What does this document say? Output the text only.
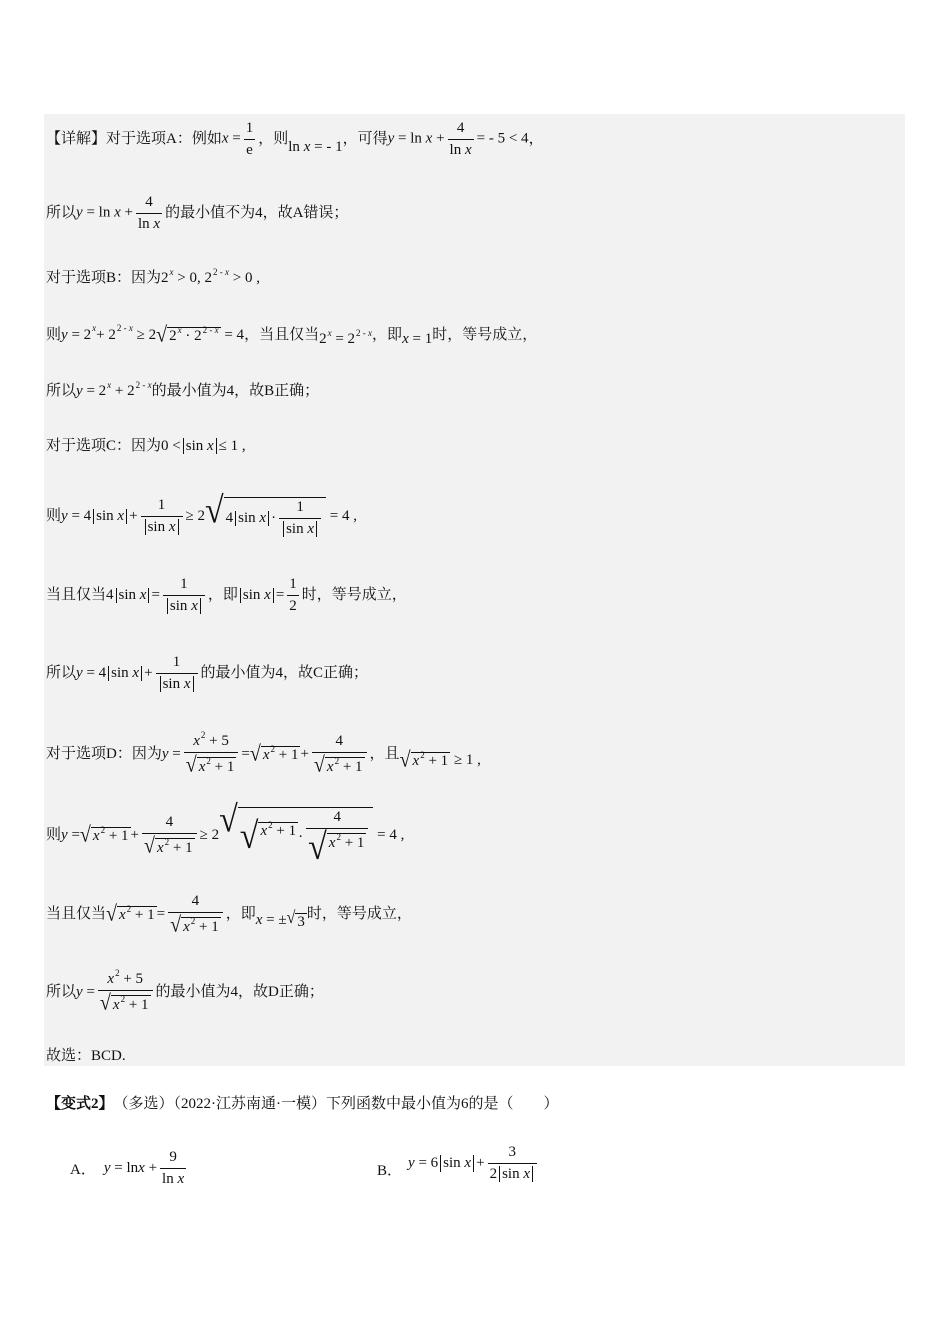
【详解】 对于选项A：例如 $x = \frac{1}{e}$ ，则 ln x = - 1 ，可得 $y = \ln x + \frac{4}{\text{ln x}}$ = - 5 < 4 ，
所以 $y = \ln x + \frac{4}{\text{ln x}}$ 的最小值不为4，故A错误；
对于选项B：因为 $2^x > 0$, $2^{2 - x} > 0$ ,
则 y = 2 x + 2 2 - x ≥ 2 √ $2^x \cdot 2^{2 - x} = 4$ ，当且仅当 $2^x = 2^{2 - x}$ ，即 x = 1 时，等号成立，
所以 $y = 2^x + 2^{2 - x}$ 的最小值为4，故B正确；
对于选项C：因为 0 < sin x ≤ 1 ,
则 y = 4 $\sin x + \frac{1}{\text{sin x}} \ge 2$ √ 4 $\sin x \cdot \frac{1}{\text{sin x}} = 4$ ,
当且仅当 4 $\sin x = \frac{1}{\text{sin x}}$ ，即 $\sin x = \frac{1}{2}$ 时，等号成立，
所以 y = 4 $\sin x + \frac{1}{\text{sin x}}$ 的最小值为4，故C正确；
对于选项D：因为 $y = \frac{x^2 + 5}{√ x^2 + 1}$ = √ $x^2 + 1 + \frac{4}{√ x^2 + 1}$ ，且 √ $x^2 + 1 \ge 1$ ,
则 y = √ $x^2 + 1 + \frac{4}{√ x^2 + 1} \ge 2$ √ √ $x^2 + 1 \cdot \frac{4}{√ x^2 + 1} = 4$ ,
当且仅当 √ $x^2 + 1 = \frac{4}{√ x^2 + 1}$ ，即 x = ± √ 3 时，等号成立，
所以 $y = \frac{x^2 + 5}{√ x^2 + 1}$ 的最小值为4，故D正确；
故选：BCD.
【变式2】 （多选）（2022·江苏南通·一模）下列函数中最小值为6的是（　　）
A． $y = \ln x + \frac{9}{\text{ln x}}$	B． y = 6 $\sin x + \frac{3}{\text{2 sin x}}$
